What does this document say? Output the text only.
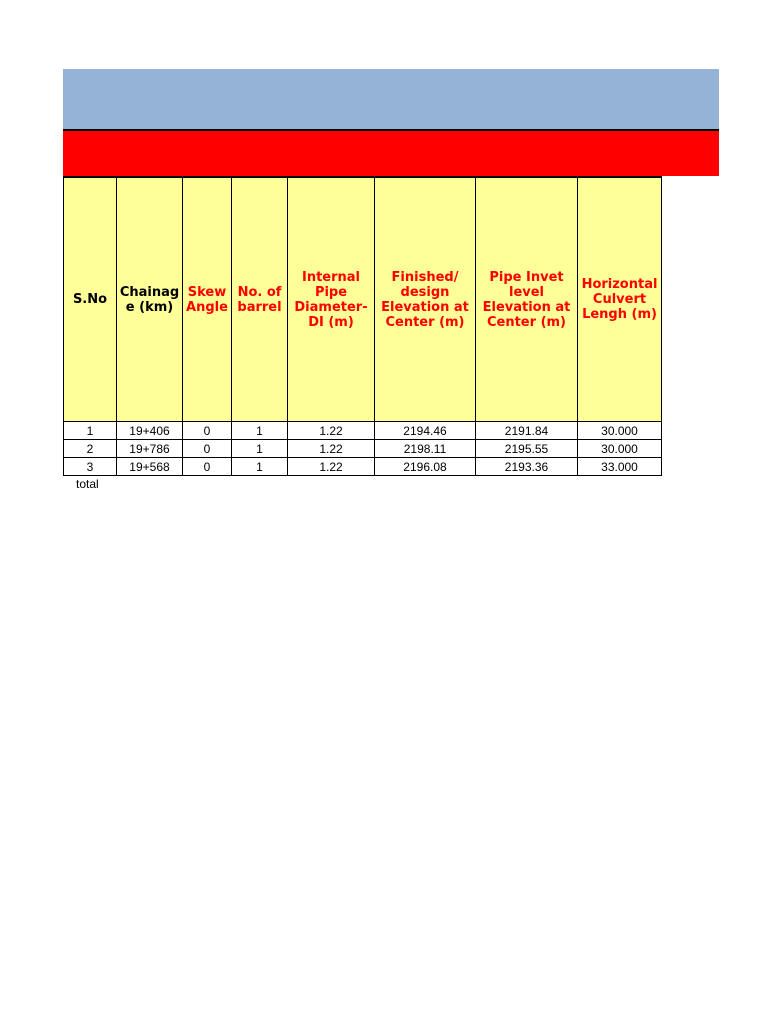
S.No	Chainag e (km)	Skew Angle	No. of barrel	Internal Pipe Diameter- DI (m)	Finished/ design Elevation at Center (m)	Pipe Invet level Elevation at Center (m)	Horizontal Culvert Lengh (m)
1	19+406	0	1	1.22	2194.46	2191.84	30.000
2	19+786	0	1	1.22	2198.11	2195.55	30.000
3	19+568	0	1	1.22	2196.08	2193.36	33.000
total
